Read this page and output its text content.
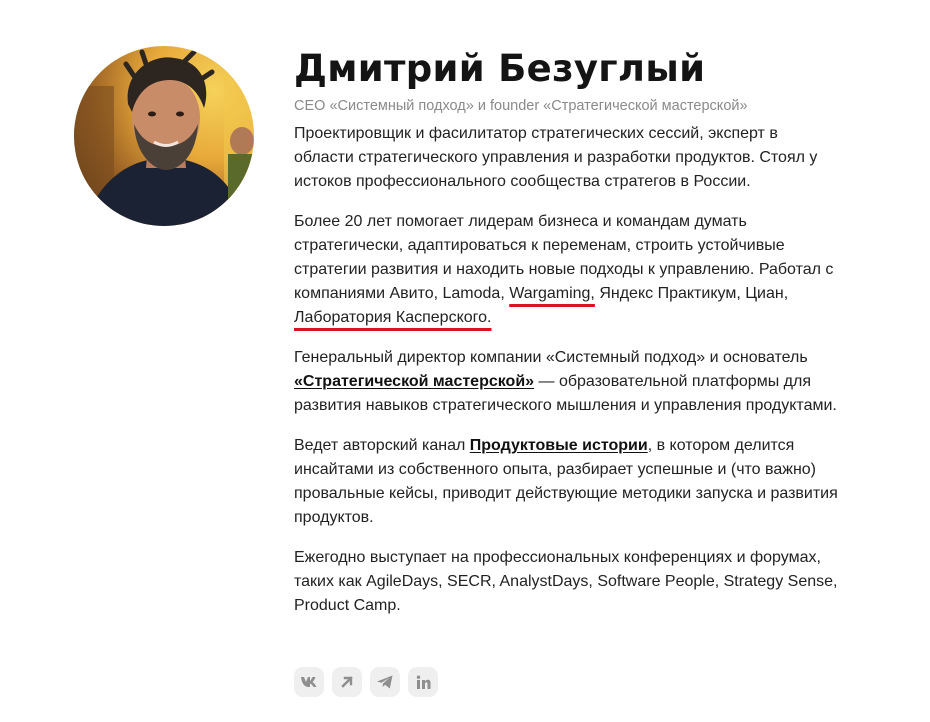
Дмитрий Безуглый
CEO «Системный подход» и founder «Стратегической мастерской»

Проектировщик и фасилитатор стратегических сессий, эксперт в области стратегического управления и разработки продуктов. Стоял у истоков профессионального сообщества стратегов в России.

Более 20 лет помогает лидерам бизнеса и командам думать стратегически, адаптироваться к переменам, строить устойчивые стратегии развития и находить новые подходы к управлению. Работал с компаниями Авито, Lamoda, Wargaming, Яндекс Практикум, Циан, Лаборатория Касперского.

Генеральный директор компании «Системный подход» и основатель «Стратегической мастерской» — образовательной платформы для развития навыков стратегического мышления и управления продуктами.

Ведет авторский канал Продуктовые истории, в котором делится инсайтами из собственного опыта, разбирает успешные и (что важно) провальные кейсы, приводит действующие методики запуска и развития продуктов.

Ежегодно выступает на профессиональных конференциях и форумах, таких как AgileDays, SECR, AnalystDays, Software People, Strategy Sense, Product Camp.
